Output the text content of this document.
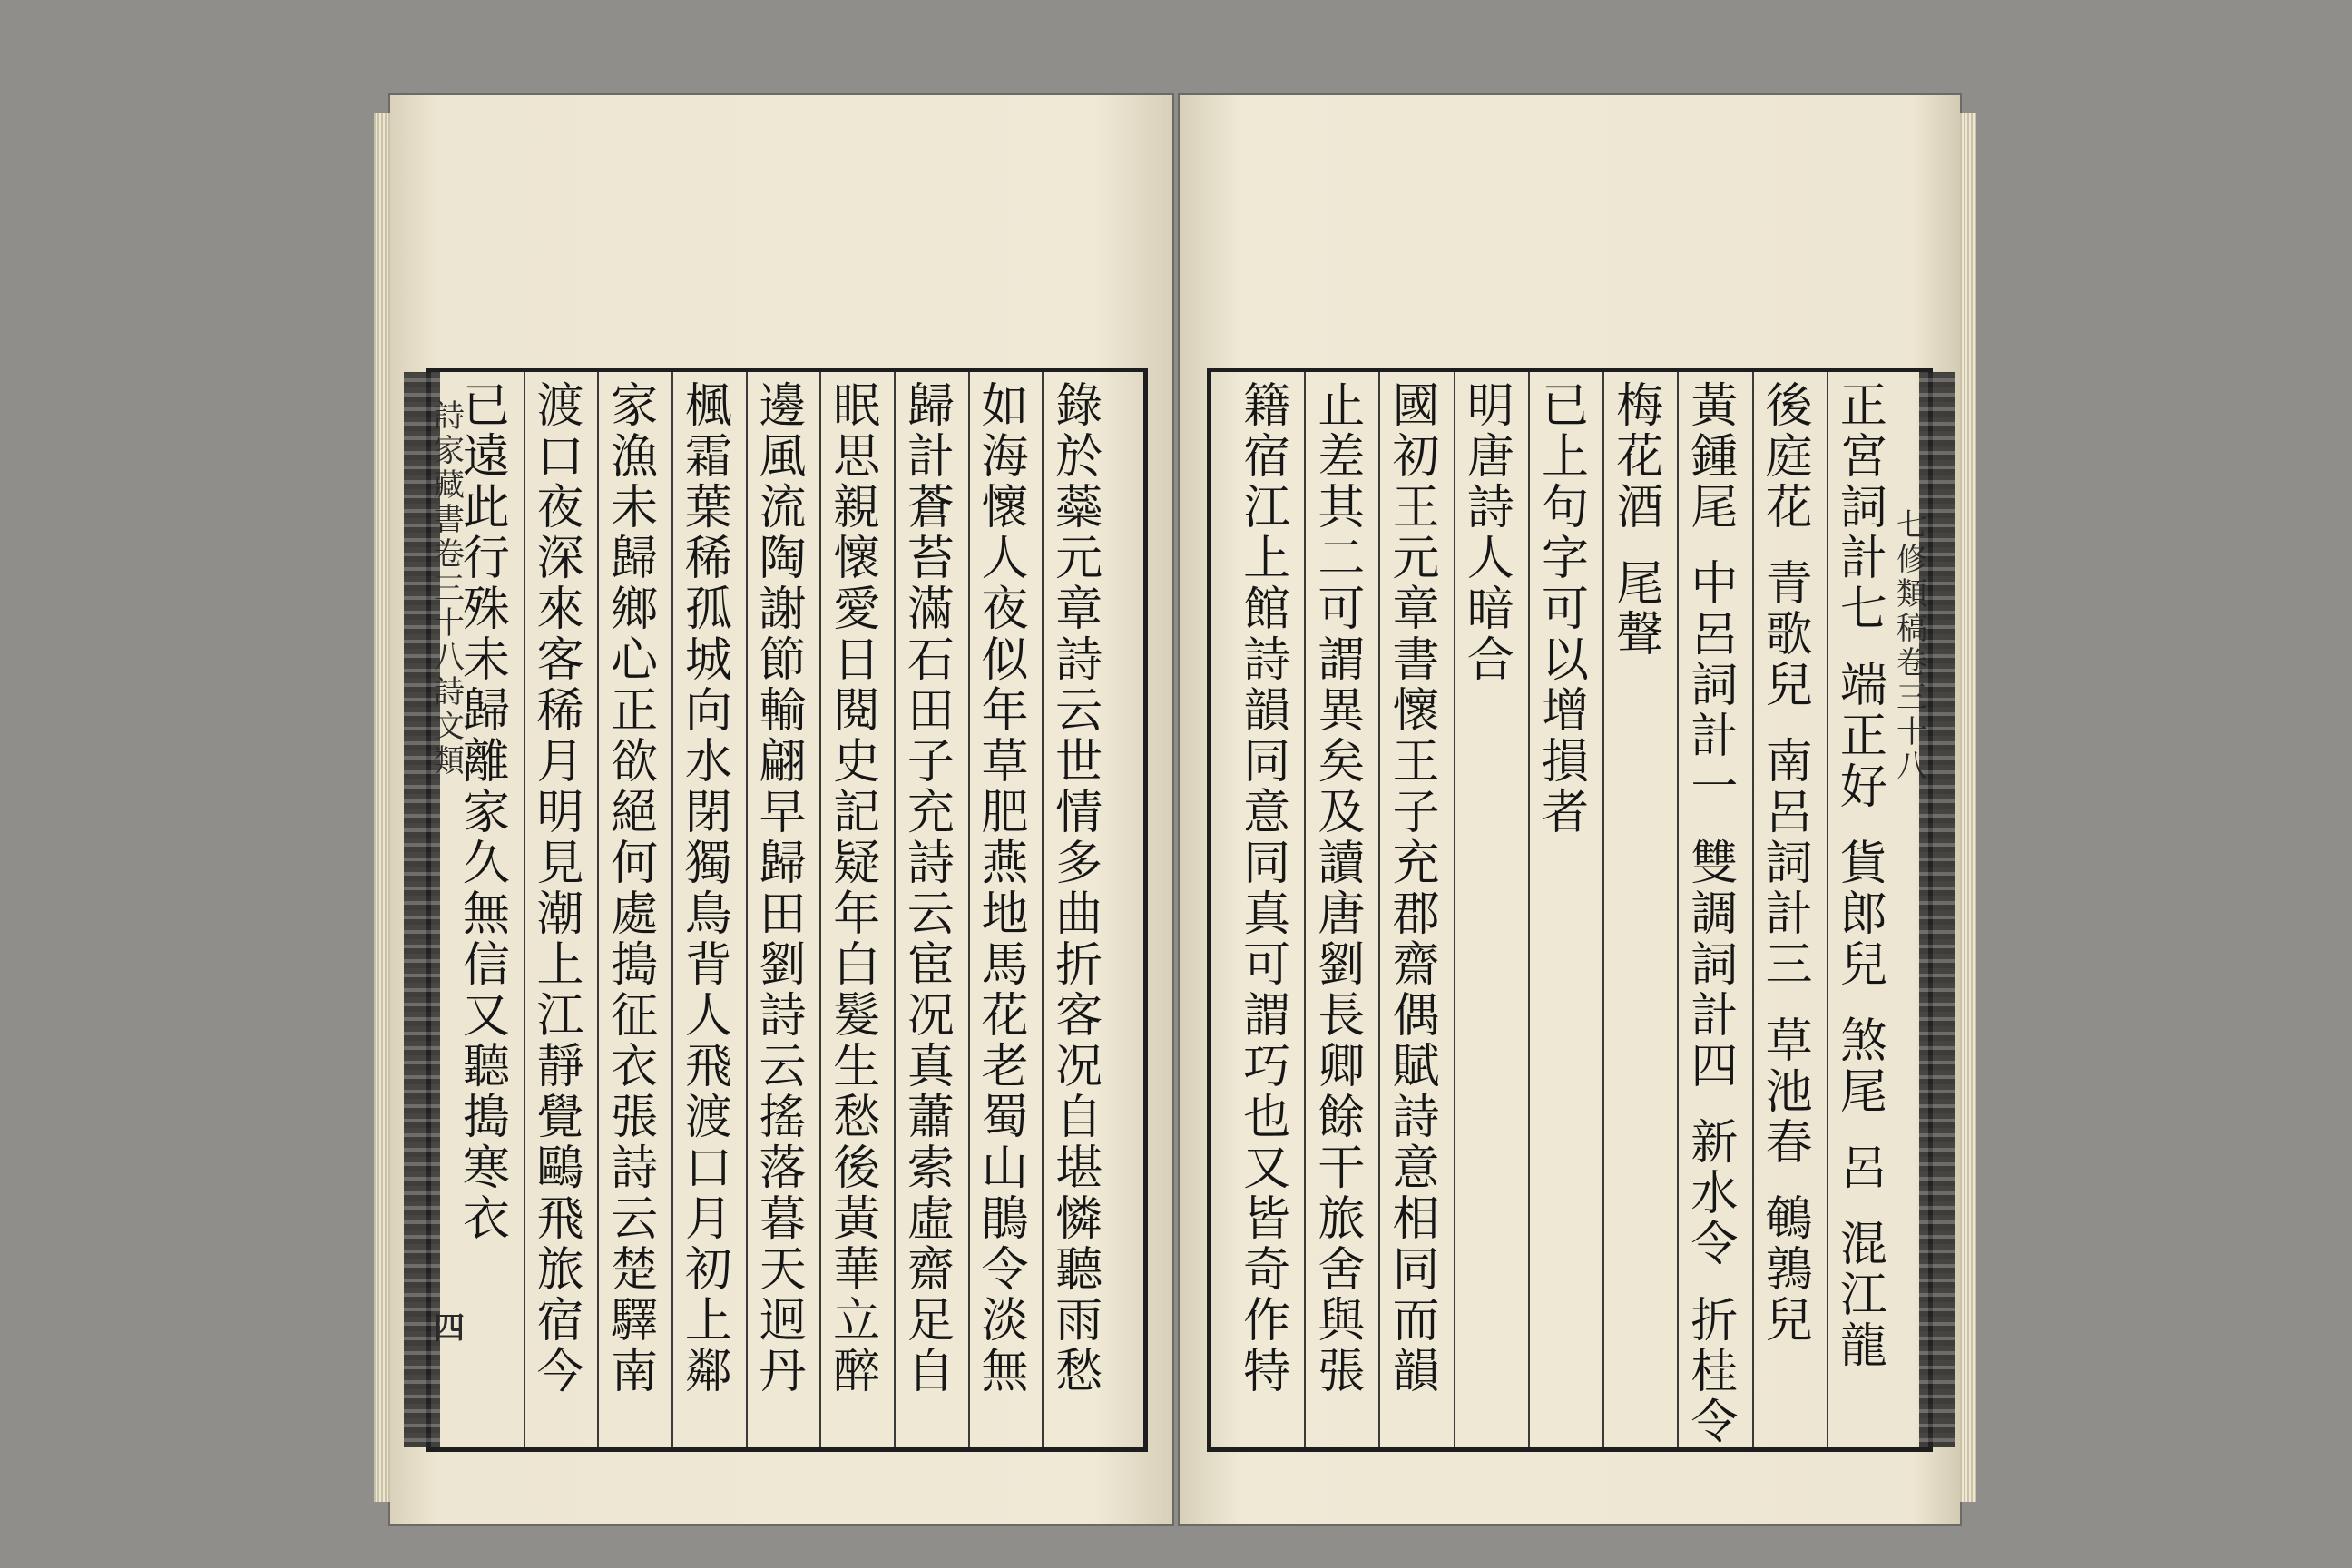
錄
於
蘂
元
章
詩
云
世
情
多
曲
折
客
况
自
堪
憐
聽
雨
愁
如
海
懷
人
夜
似
年
草
肥
燕
地
馬
花
老
蜀
山
鵑
令
淡
無
歸
計
蒼
苔
滿
石
田
子
充
詩
云
宦
况
真
蕭
索
虛
齋
足
自
眠
思
親
懷
愛
日
閱
史
記
疑
年
白
髮
生
愁
後
黃
華
立
醉
邊
風
流
陶
謝
節
輸
翩
早
歸
田
劉
詩
云
搖
落
暮
天
迥
丹
楓
霜
葉
稀
孤
城
向
水
閉
獨
鳥
背
人
飛
渡
口
月
初
上
鄰
家
漁
未
歸
鄉
心
正
欲
絕
何
處
搗
征
衣
張
詩
云
楚
驛
南
渡
口
夜
深
來
客
稀
月
明
見
潮
上
江
靜
覺
鷗
飛
旅
宿
今
已
遠
此
行
殊
未
歸
離
家
久
無
信
又
聽
搗
寒
衣
詩
家
藏
書
卷
三
十
八
詩
文
類
四
正
宮
詞
計
七
端
正
好
貨
郎
兒
煞
尾
呂
混
江
龍
後
庭
花
青
歌
兒
南
呂
詞
計
三
草
池
春
鵪
鶉
兒
黃
鍾
尾
中
呂
詞
計
一
雙
調
詞
計
四
新
水
令
折
桂
令
梅
花
酒
尾
聲
已
上
句
字
可
以
增
損
者
明
唐
詩
人
暗
合
國
初
王
元
章
書
懷
王
子
充
郡
齋
偶
賦
詩
意
相
同
而
韻
止
差
其
二
可
謂
異
矣
及
讀
唐
劉
長
卿
餘
干
旅
舍
與
張
籍
宿
江
上
館
詩
韻
同
意
同
真
可
謂
巧
也
又
皆
奇
作
特
七
修
類
稿
卷
三
十
八
